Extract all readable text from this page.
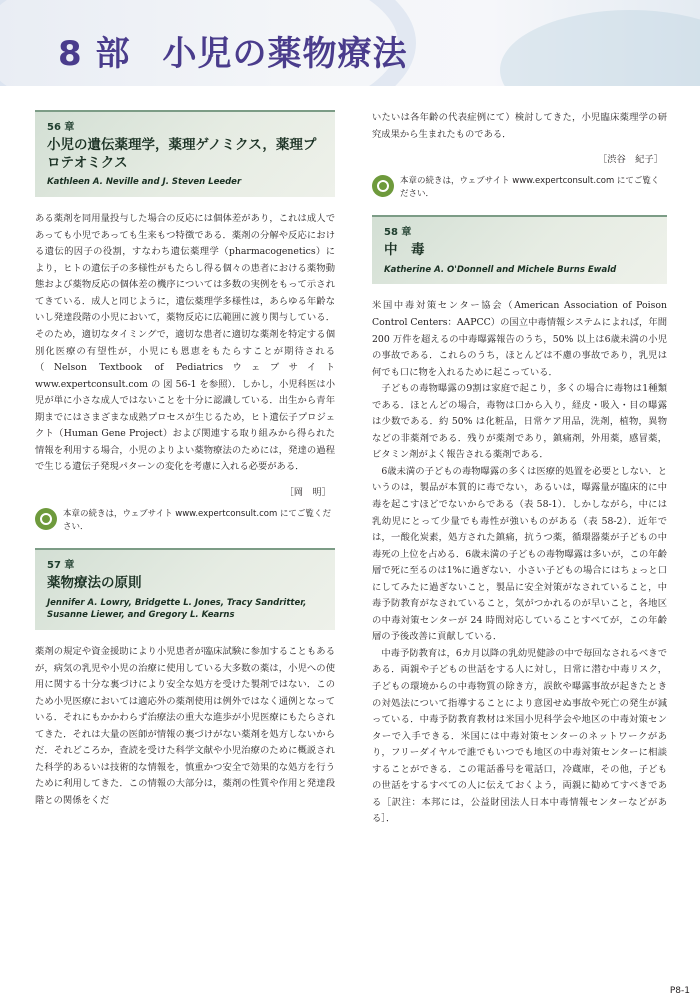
8 部 小児の薬物療法
56 章
小児の遺伝薬理学，薬理ゲノミクス，薬理プロテオミクス
Kathleen A. Neville and J. Steven Leeder

ある薬剤を同用量投与した場合の反応には個体差があり，これは成人であっても小児であっても生来もつ特徴である．薬剤の分解や反応における遺伝的因子の役割，すなわち遺伝薬理学（pharmacogenetics）により，ヒトの遺伝子の多様性がもたらし得る個々の患者における薬物動態および薬物反応の個体差の機序については多数の実例をもって示されてきている．成人と同じように，遺伝薬理学多様性は，あらゆる年齢ないし発達段階の小児において，薬物反応に広範囲に渡り関与している．そのため，適切なタイミングで，適切な患者に適切な薬剤を特定する個別化医療の有望性が，小児にも恩恵をもたらすことが期待される（Nelson Textbook of Pediatricsウェブサイト www.expertconsult.com の 図 56-1 を参照）．しかし，小児科医は小児が単に小さな成人ではないことを十分に認識している．出生から青年期までにはさまざまな成熟プロセスが生じるため，ヒト遺伝子プロジェクト（Human Gene Project）および関連する取り組みから得られた情報を利用する場合，小児のよりよい薬物療法のためには，発達の過程で生じる遺伝子発現パターンの変化を考慮に入れる必要がある．

［岡　明］
本章の続きは，ウェブサイト www.expertconsult.com にてご覧ください．
57 章
薬物療法の原則
Jennifer A. Lowry, Bridgette L. Jones, Tracy Sandritter, Susanne Liewer, and Gregory L. Kearns

薬剤の規定や資金援助により小児患者が臨床試験に参加することもあるが，病気の乳児や小児の治療に使用している大多数の薬は，小児への使用に関する十分な裏づけにより安全な処方を受けた製剤ではない．このため小児医療においては適応外の薬剤使用は例外ではなく通例となっている．それにもかかわらず治療法の重大な進歩が小児医療にもたらされてきた．それは大量の医師が情報の裏づけがない薬剤を処方しないからだ．それどころか，査読を受けた科学文献や小児治療のために概説された科学的あるいは技術的な情報を，慎重かつ安全で効果的な処方を行うために利用してきた．この情報の大部分は，薬剤の性質や作用と発達段階との関係をくだ

いたいは各年齢の代表症例にて）検討してきた，小児臨床薬理学の研究成果から生まれたものである．

［渋谷　紀子］
本章の続きは，ウェブサイト www.expertconsult.com にてご覧ください．
58 章
中　毒
Katherine A. O'Donnell and Michele Burns Ewald

米国中毒対策センター協会（American Association of Poison Control Centers：AAPCC）の国立中毒情報システムによれば，年間 200 万件を超えるの中毒曝露報告のうち，50% 以上は6歳未満の小児の事故である．これらのうち，ほとんどは不慮の事故であり，乳児は何でも口に物を入れるために起こっている．
　子どもの毒物曝露の9割は家庭で起こり，多くの場合に毒物は1種類である．ほとんどの場合，毒物は口から入り，経皮・吸入・目の曝露は少数である．約 50% は化粧品，日常ケア用品，洗剤，植物，異物などの非薬剤である．残りが薬剤であり，鎮痛剤，外用薬，感冒薬，ビタミン剤がよく報告される薬剤である．
　6歳未満の子どもの毒物曝露の多くは医療的処置を必要としない．というのは，製品が本質的に毒でない，あるいは，曝露量が臨床的に中毒を起こすほどでないからである（表 58-1）．しかしながら，中には乳幼児にとって少量でも毒性が強いものがある（表 58-2）．近年では，一酸化炭素，処方された鎮痛，抗うつ薬，循環器薬が子どもの中毒死の上位を占める．6歳未満の子どもの毒物曝露は多いが，この年齢層で死に至るのは1%に過ぎない．小さい子どもの場合にはちょっと口にしてみたに過ぎないこと，製品に安全対策がなされていること，中毒予防教育がなされていること，気がつかれるのが早いこと，各地区の中毒対策センターが 24 時間対応していることすべてが，この年齢層の予後改善に貢献している．
　中毒予防教育は，6カ月以降の乳幼児健診の中で毎回なされるべきである．両親や子どもの世話をする人に対し，日常に潜む中毒リスク，子どもの環境からの中毒物質の除き方，誤飲や曝露事故が起きたときの対処法について指導することにより意図せぬ事故や死亡の発生が減っている．中毒予防教育教材は米国小児科学会や地区の中毒対策センターで入手できる．米国には中毒対策センターのネットワークがあり，フリーダイヤルで誰でもいつでも地区の中毒対策センターに相談することができる．この電話番号を電話口，冷蔵庫，その他，子どもの世話をするすべての人に伝えておくよう，両親に勧めてすべきである［訳注：本邦には，公益財団法人日本中毒情報センターなどがある］．

P8-1
